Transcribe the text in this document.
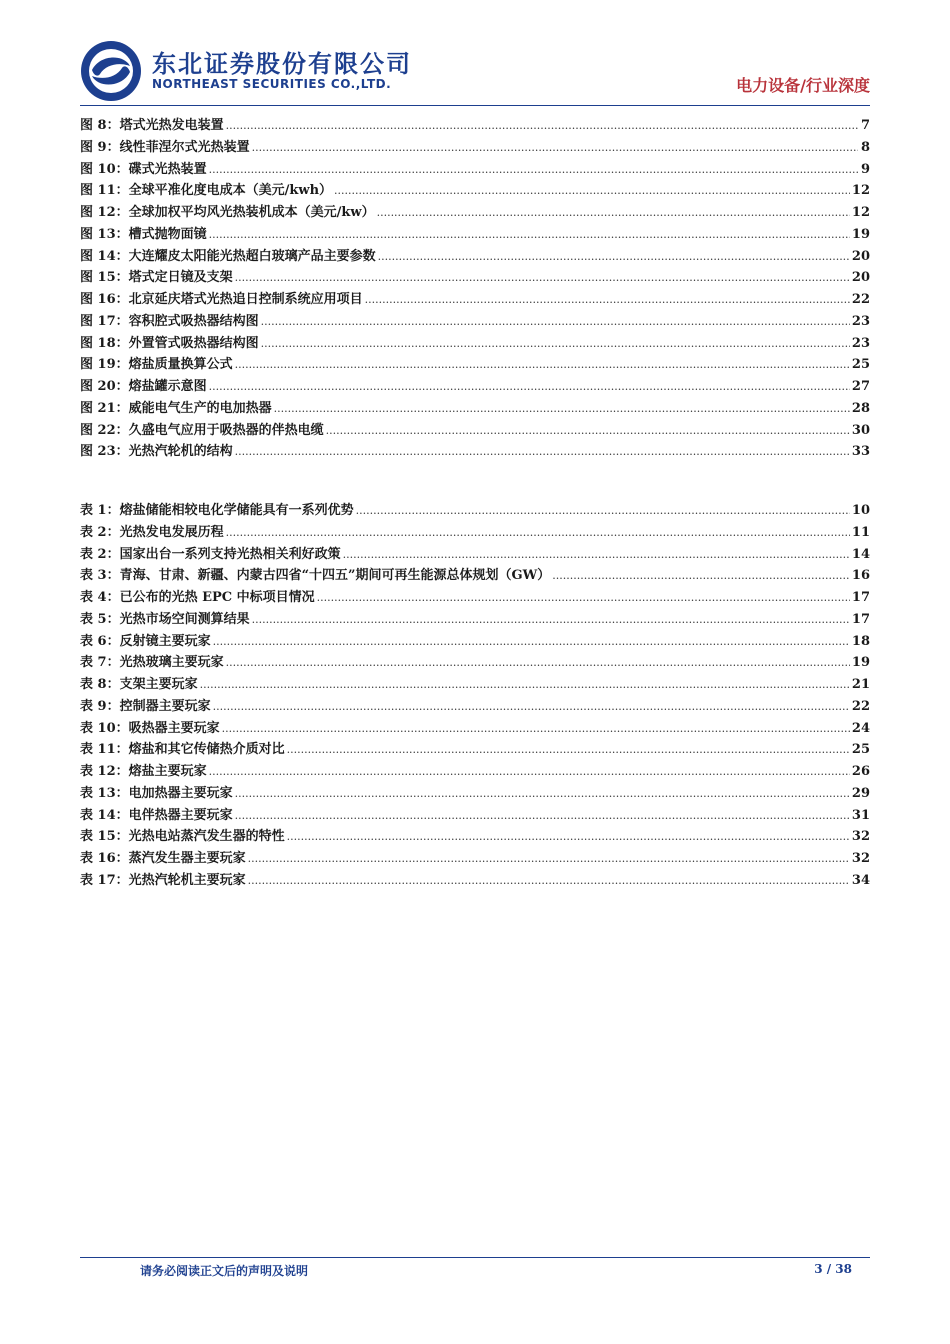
东北证券股份有限公司
NORTHEAST SECURITIES CO.,LTD.	电力设备/行业深度
图 8： 塔式光热发电装置 .....	7
图 9： 线性菲涅尔式光热装置 .....	8
图 10： 碟式光热装置 .....	9
图 11： 全球平准化度电成本（美元/kwh） .....	12
图 12： 全球加权平均风光热装机成本（美元/kw） .....	12
图 13： 槽式抛物面镜 .....	19
图 14： 大连耀皮太阳能光热超白玻璃产品主要参数 .....	20
图 15： 塔式定日镜及支架 .....	20
图 16： 北京延庆塔式光热追日控制系统应用项目 .....	22
图 17： 容积腔式吸热器结构图 .....	23
图 18： 外置管式吸热器结构图 .....	23
图 19： 熔盐质量换算公式 .....	25
图 20： 熔盐罐示意图 .....	27
图 21： 威能电气生产的电加热器 .....	28
图 22： 久盛电气应用于吸热器的伴热电缆 .....	30
图 23： 光热汽轮机的结构 .....	33
表 1： 熔盐储能相较电化学储能具有一系列优势 .....	10
表 2： 光热发电发展历程 .....	11
表 2： 国家出台一系列支持光热相关利好政策 .....	14
表 3： 青海、甘肃、新疆、内蒙古四省“十四五”期间可再生能源总体规划（GW） .....	16
表 4： 已公布的光热 EPC 中标项目情况 .....	17
表 5： 光热市场空间测算结果 .....	17
表 6： 反射镜主要玩家 .....	18
表 7： 光热玻璃主要玩家 .....	19
表 8： 支架主要玩家 .....	21
表 9： 控制器主要玩家 .....	22
表 10： 吸热器主要玩家 .....	24
表 11： 熔盐和其它传储热介质对比 .....	25
表 12： 熔盐主要玩家 .....	26
表 13： 电加热器主要玩家 .....	29
表 14： 电伴热器主要玩家 .....	31
表 15： 光热电站蒸汽发生器的特性 .....	32
表 16： 蒸汽发生器主要玩家 .....	32
表 17： 光热汽轮机主要玩家 .....	34
请务必阅读正文后的声明及说明	3 / 38
